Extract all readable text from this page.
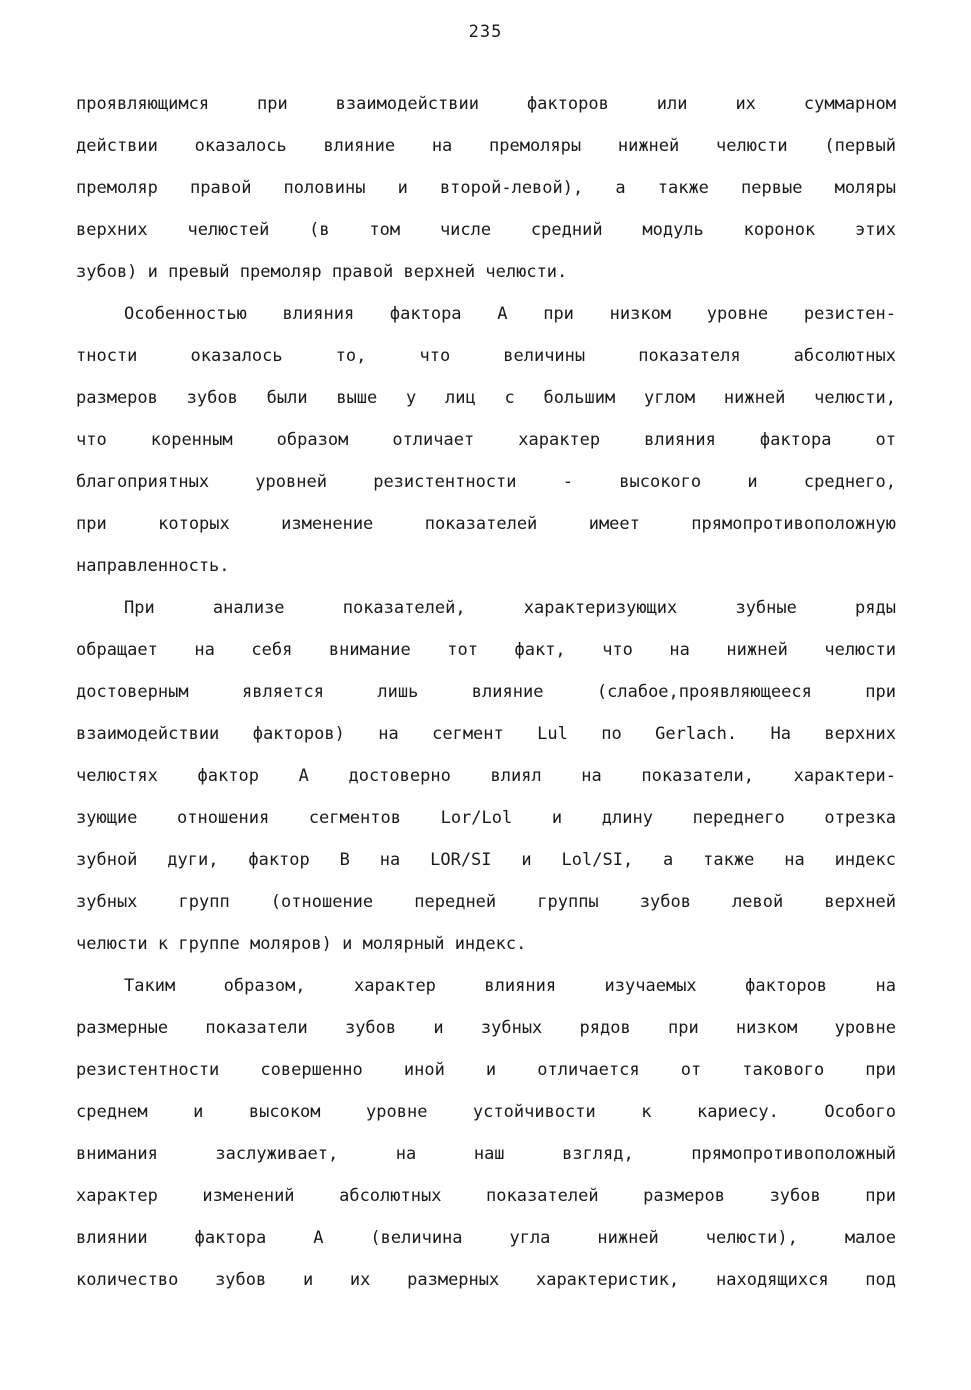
235
проявляющимся при взаимодействии факторов или их суммарном
действии оказалось влияние на премоляры нижней челюсти (первый
премоляр правой половины и второй-левой), а также первые моляры
верхних челюстей (в том числе средний модуль коронок этих
зубов) и превый премоляр правой верхней челюсти.
Особенностью влияния фактора А при низком уровне резистен-
тности оказалось то, что величины показателя абсолютных
размеров зубов были выше у лиц с большим углом нижней челюсти,
что коренным образом отличает характер влияния фактора от
благоприятных уровней резистентности - высокого и среднего,
при которых изменение показателей имеет прямопротивоположную
направленность.
При анализе показателей, характеризующих зубные ряды
обращает на себя внимание тот факт, что на нижней челюсти
достоверным является лишь влияние (слабое,проявляющееся при
взаимодействии факторов) на сегмент Lul по Gerlach. На верхних
челюстях фактор А достоверно влиял на показатели, характери-
зующие отношения сегментов Lor/Lol и длину переднего отрезка
зубной дуги, фактор В на LOR/SI и Lol/SI, а также на индекс
зубных групп (отношение передней группы зубов левой верхней
челюсти к группе моляров) и молярный индекс.
Таким образом, характер влияния изучаемых факторов на
размерные показатели зубов и зубных рядов при низком уровне
резистентности совершенно иной и отличается от такового при
среднем и высоком уровне устойчивости к кариесу. Особого
внимания заслуживает, на наш взгляд, прямопротивоположный
характер изменений абсолютных показателей размеров зубов при
влиянии фактора А (величина угла нижней челюсти), малое
количество зубов и их размерных характеристик, находящихся под
